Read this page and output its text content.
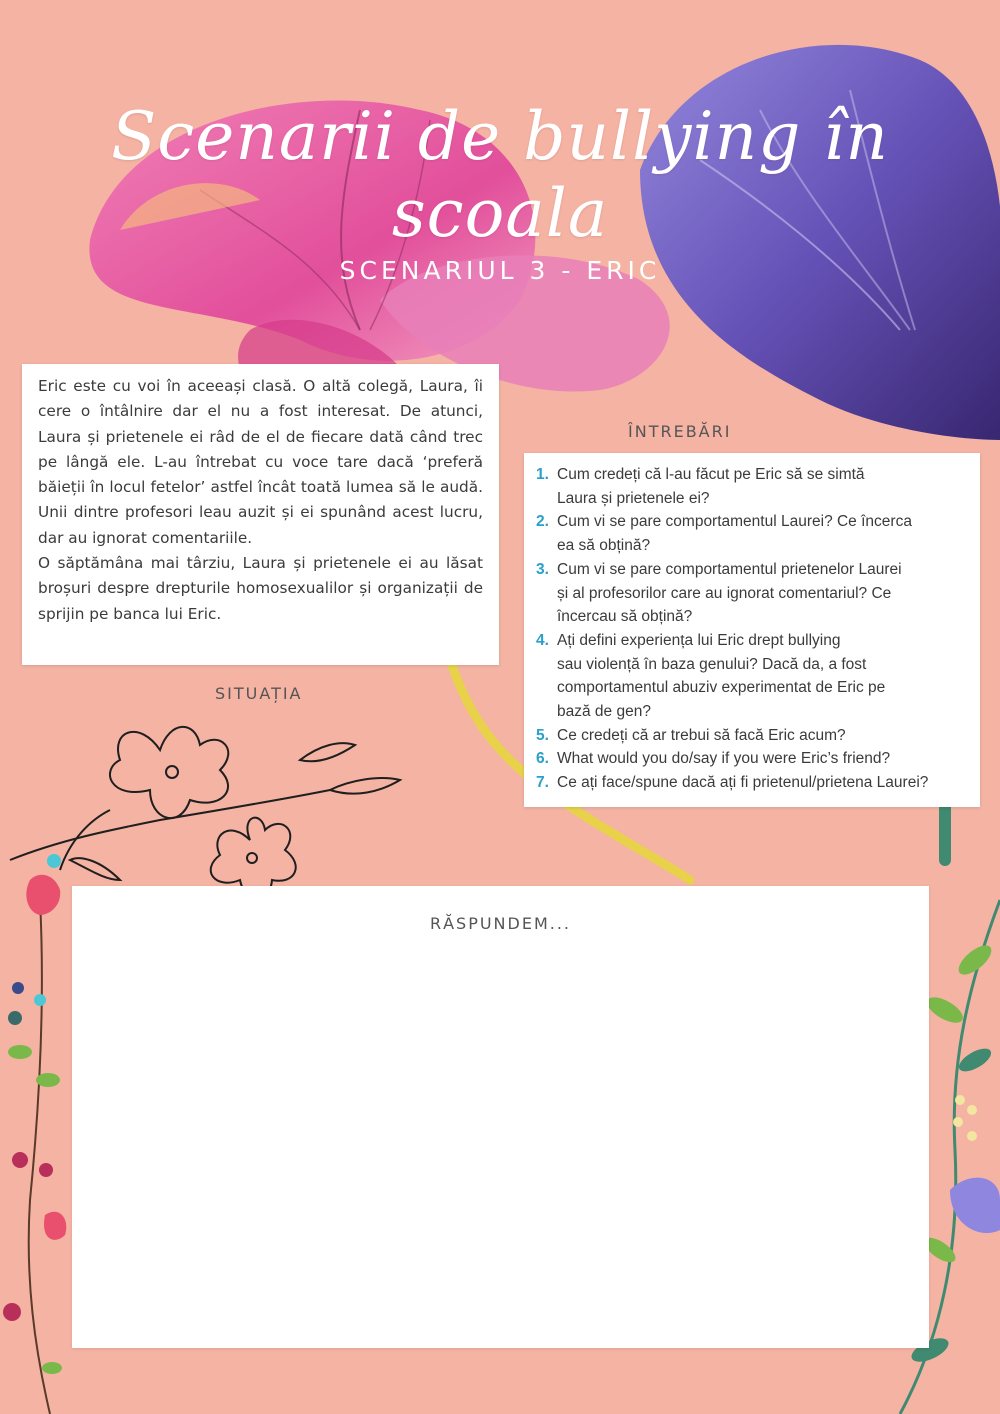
Scenarii de bullying în scoala
SCENARIUL 3 - ERIC

Eric este cu voi în aceeași clasă. O altă colegă, Laura, îi cere o întâlnire dar el nu a fost interesat. De atunci, Laura și prietenele ei râd de el de fiecare dată când trec pe lângă ele. L-au întrebat cu voce tare dacă ‘preferă băieții în locul fetelor’ astfel încât toată lumea să le audă. Unii dintre profesori leau auzit și ei spunând acest lucru, dar au ignorat comentariile.

O săptămâna mai târziu, Laura și prietenele ei au lăsat broșuri despre drepturile homosexualilor și organizații de sprijin pe banca lui Eric.

SITUAȚIA
ÎNTREBĂRI
1. Cum credeți că l-au făcut pe Eric să se simtă
Laura și prietenele ei?
2. Cum vi se pare comportamentul Laurei? Ce încerca
ea să obțină?
3. Cum vi se pare comportamentul prietenelor Laurei
și al profesorilor care au ignorat comentariul? Ce
încercau să obțină?
4. Ați defini experiența lui Eric drept bullying
sau violență în baza genului? Dacă da, a fost
comportamentul abuziv experimentat de Eric pe
bază de gen?
5. Ce credeți că ar trebui să facă Eric acum?
6. What would you do/say if you were Eric’s friend?
7. Ce ați face/spune dacă ați fi prietenul/prietena Laurei?
RĂSPUNDEM...
